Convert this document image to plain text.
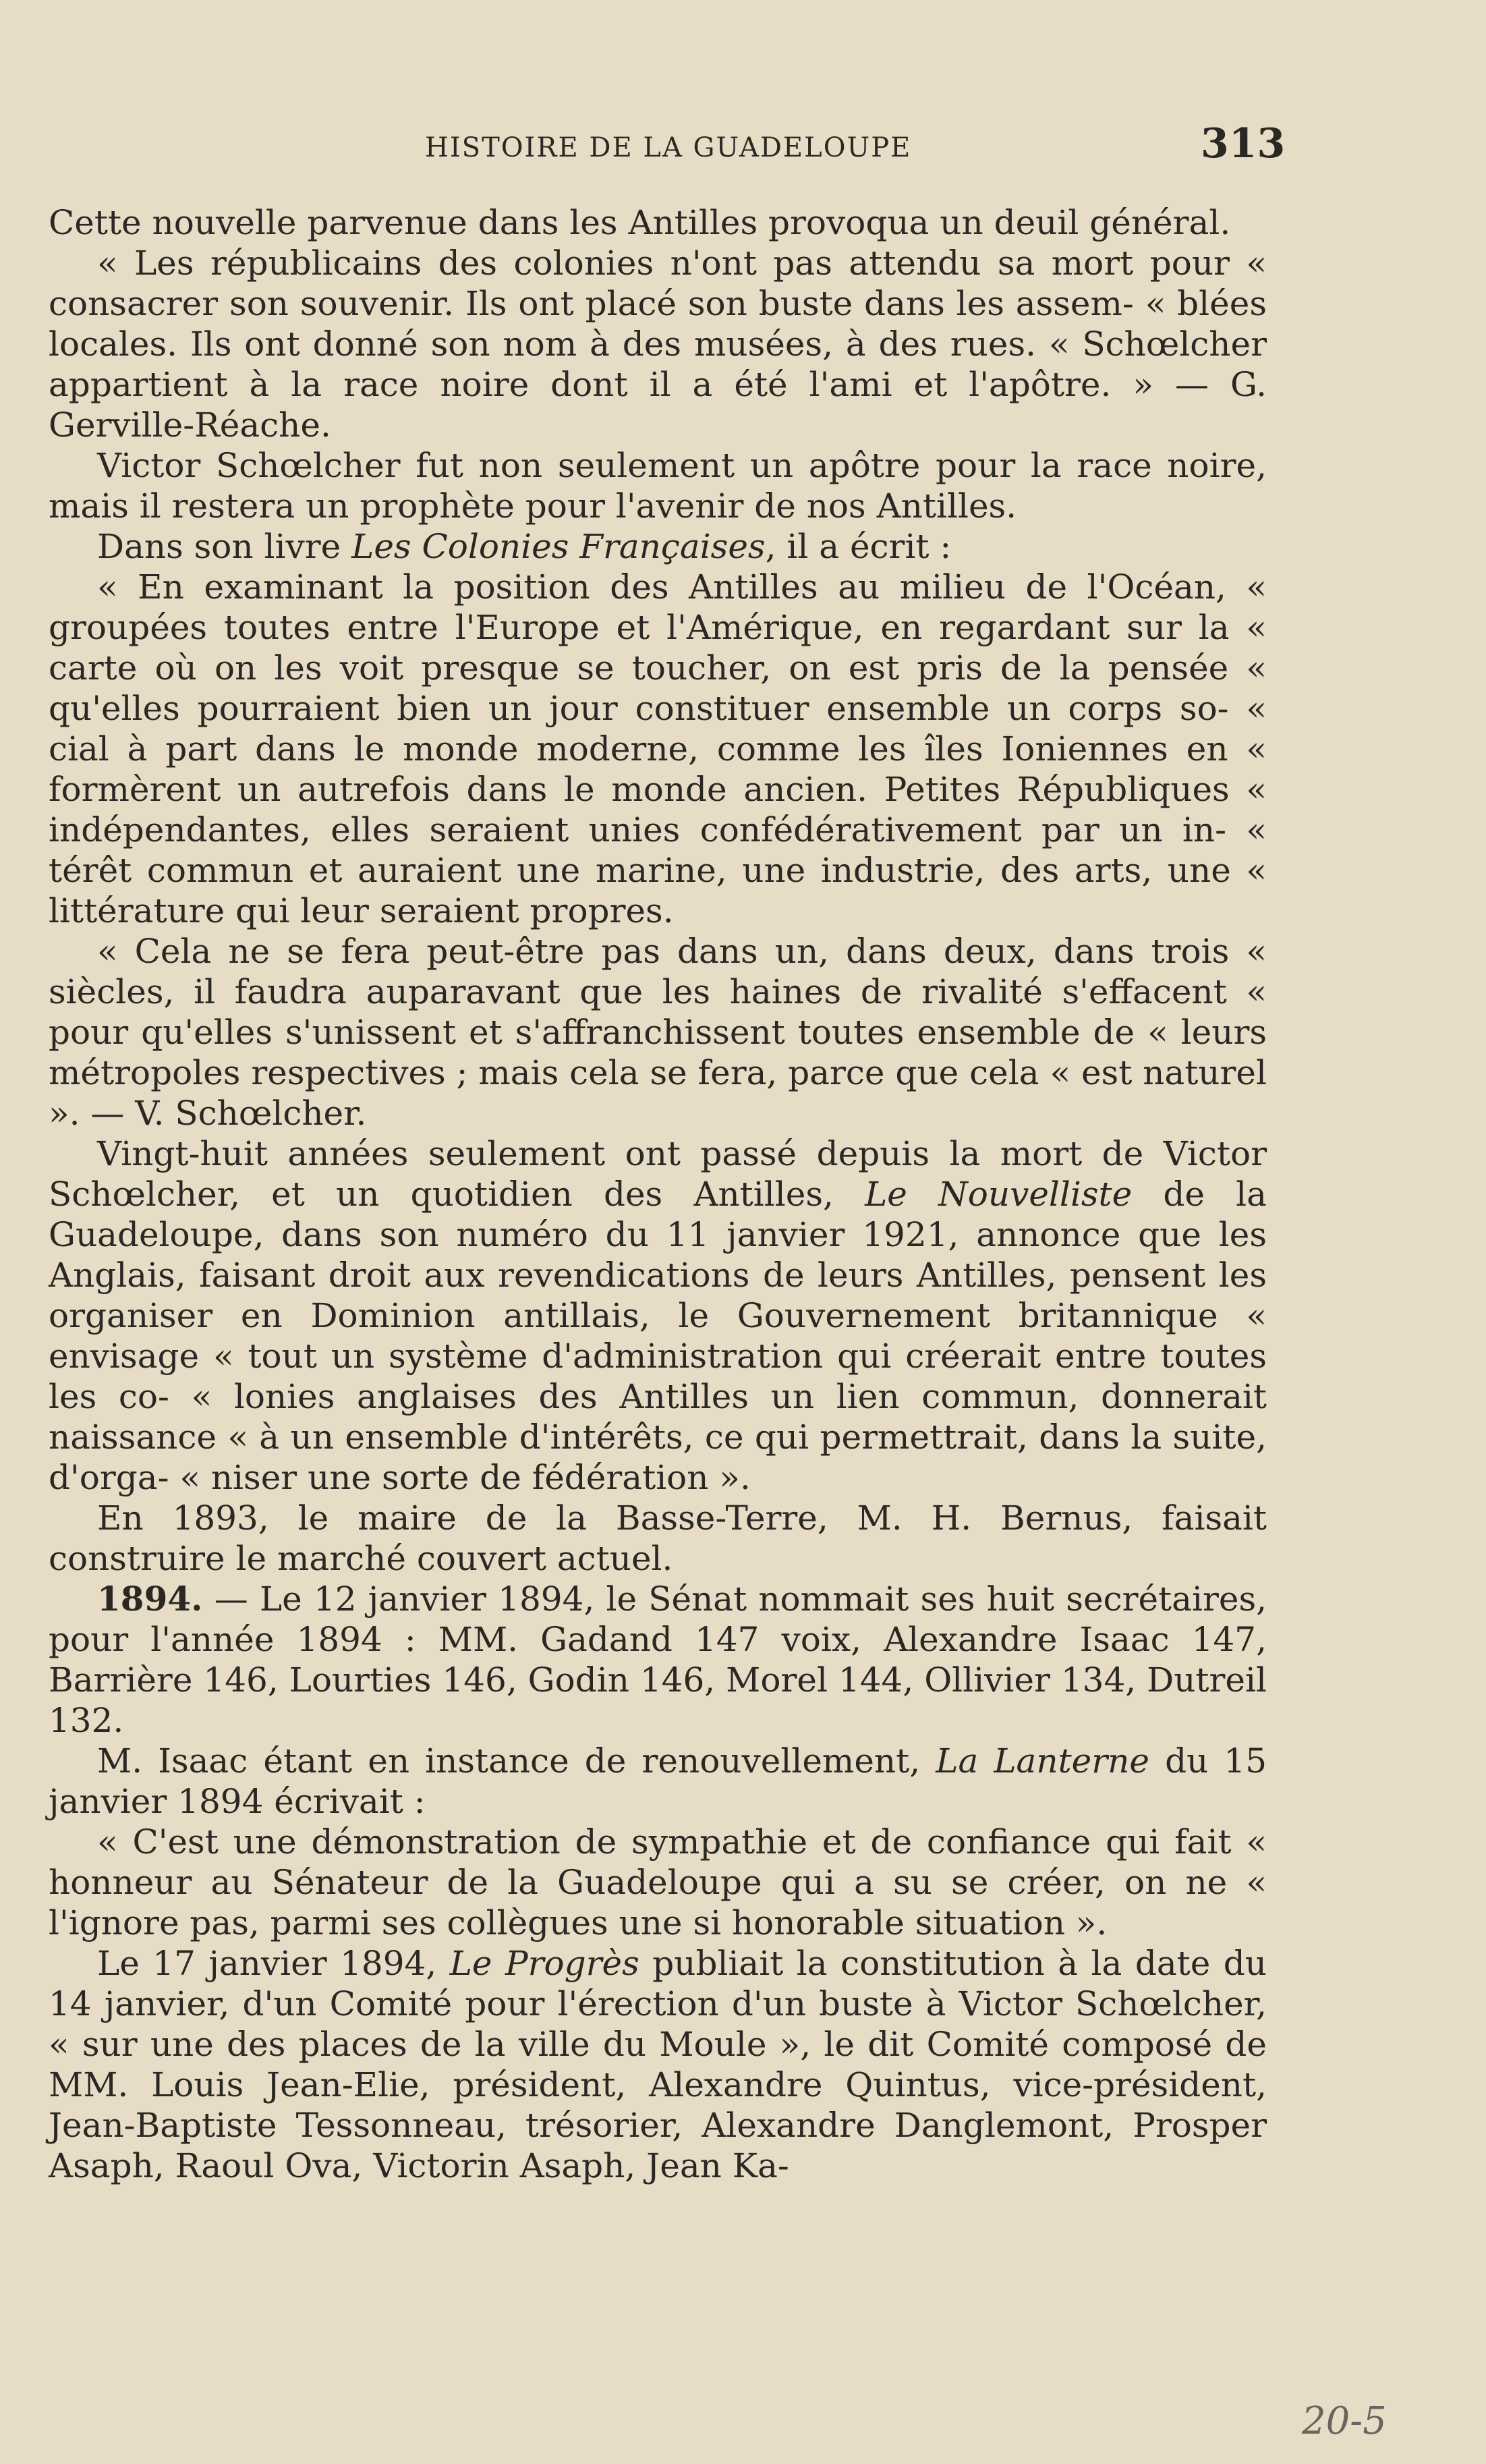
HISTOIRE DE LA GUADELOUPE	313

Cette nouvelle parvenue dans les Antilles provoqua un deuil général.

« Les républicains des colonies n'ont pas attendu sa mort pour « consacrer son souvenir. Ils ont placé son buste dans les assem- « blées locales. Ils ont donné son nom à des musées, à des rues. « Schœlcher appartient à la race noire dont il a été l'ami et l'apôtre. » — G. Gerville-Réache.

Victor Schœlcher fut non seulement un apôtre pour la race noire, mais il restera un prophète pour l'avenir de nos Antilles.

Dans son livre Les Colonies Françaises, il a écrit :

« En examinant la position des Antilles au milieu de l'Océan, « groupées toutes entre l'Europe et l'Amérique, en regardant sur la « carte où on les voit presque se toucher, on est pris de la pensée « qu'elles pourraient bien un jour constituer ensemble un corps so- « cial à part dans le monde moderne, comme les îles Ioniennes en « formèrent un autrefois dans le monde ancien. Petites Républiques « indépendantes, elles seraient unies confédérativement par un in- « térêt commun et auraient une marine, une industrie, des arts, une « littérature qui leur seraient propres.

« Cela ne se fera peut-être pas dans un, dans deux, dans trois « siècles, il faudra auparavant que les haines de rivalité s'effacent « pour qu'elles s'unissent et s'affranchissent toutes ensemble de « leurs métropoles respectives ; mais cela se fera, parce que cela « est naturel ». — V. Schœlcher.

Vingt-huit années seulement ont passé depuis la mort de Victor Schœlcher, et un quotidien des Antilles, Le Nouvelliste de la Guadeloupe, dans son numéro du 11 janvier 1921, annonce que les Anglais, faisant droit aux revendications de leurs Antilles, pensent les organiser en Dominion antillais, le Gouvernement britannique « envisage « tout un système d'administration qui créerait entre toutes les co- « lonies anglaises des Antilles un lien commun, donnerait naissance « à un ensemble d'intérêts, ce qui permettrait, dans la suite, d'orga- « niser une sorte de fédération ».

En 1893, le maire de la Basse-Terre, M. H. Bernus, faisait construire le marché couvert actuel.

1894. — Le 12 janvier 1894, le Sénat nommait ses huit secrétaires, pour l'année 1894 : MM. Gadand 147 voix, Alexandre Isaac 147, Barrière 146, Lourties 146, Godin 146, Morel 144, Ollivier 134, Dutreil 132.

M. Isaac étant en instance de renouvellement, La Lanterne du 15 janvier 1894 écrivait :

« C'est une démonstration de sympathie et de confiance qui fait « honneur au Sénateur de la Guadeloupe qui a su se créer, on ne « l'ignore pas, parmi ses collègues une si honorable situation ».

Le 17 janvier 1894, Le Progrès publiait la constitution à la date du 14 janvier, d'un Comité pour l'érection d'un buste à Victor Schœlcher, « sur une des places de la ville du Moule », le dit Comité composé de MM. Louis Jean-Elie, président, Alexandre Quintus, vice-président, Jean-Baptiste Tessonneau, trésorier, Alexandre Danglemont, Prosper Asaph, Raoul Ova, Victorin Asaph, Jean Ka-

20-5
